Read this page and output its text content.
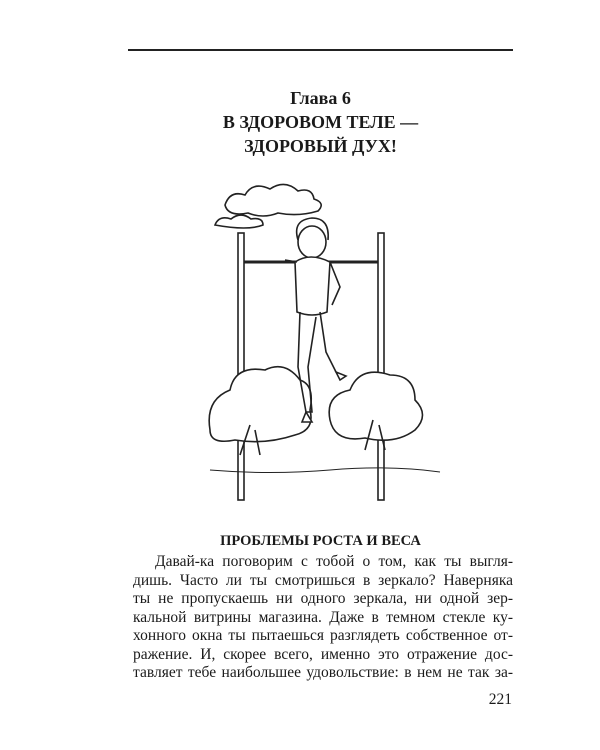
Глава 6
В ЗДОРОВОМ ТЕЛЕ —
ЗДОРОВЫЙ ДУХ!
ПРОБЛЕМЫ РОСТА И ВЕСА
Давай-ка поговорим с тобой о том, как ты выгля-
дишь. Часто ли ты смотришься в зеркало? Наверняка
ты не пропускаешь ни одного зеркала, ни одной зер-
кальной витрины магазина. Даже в темном стекле ку-
хонного окна ты пытаешься разглядеть собственное от-
ражение. И, скорее всего, именно это отражение дос-
тавляет тебе наибольшее удовольствие: в нем не так за-
221
